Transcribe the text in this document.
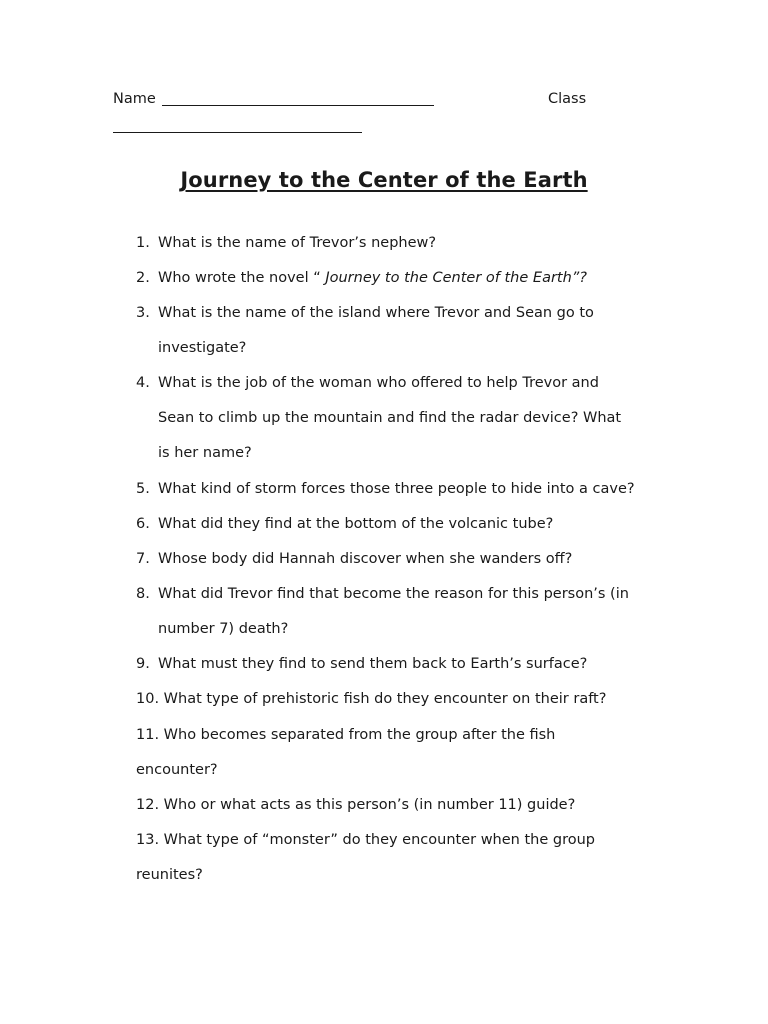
Name	Class
Journey to the Center of the Earth
1. What is the name of Trevor’s nephew?
2. Who wrote the novel “ Journey to the Center of the Earth”?
3. What is the name of the island where Trevor and Sean go to
investigate?
4. What is the job of the woman who offered to help Trevor and
Sean to climb up the mountain and find the radar device? What
is her name?
5. What kind of storm forces those three people to hide into a cave?
6. What did they find at the bottom of the volcanic tube?
7. Whose body did Hannah discover when she wanders off?
8. What did Trevor find that become the reason for this person’s (in
number 7) death?
9. What must they find to send them back to Earth’s surface?
10. What type of prehistoric fish do they encounter on their raft?
11. Who becomes separated from the group after the fish
encounter?
12. Who or what acts as this person’s (in number 11) guide?
13. What type of “monster” do they encounter when the group
reunites?
